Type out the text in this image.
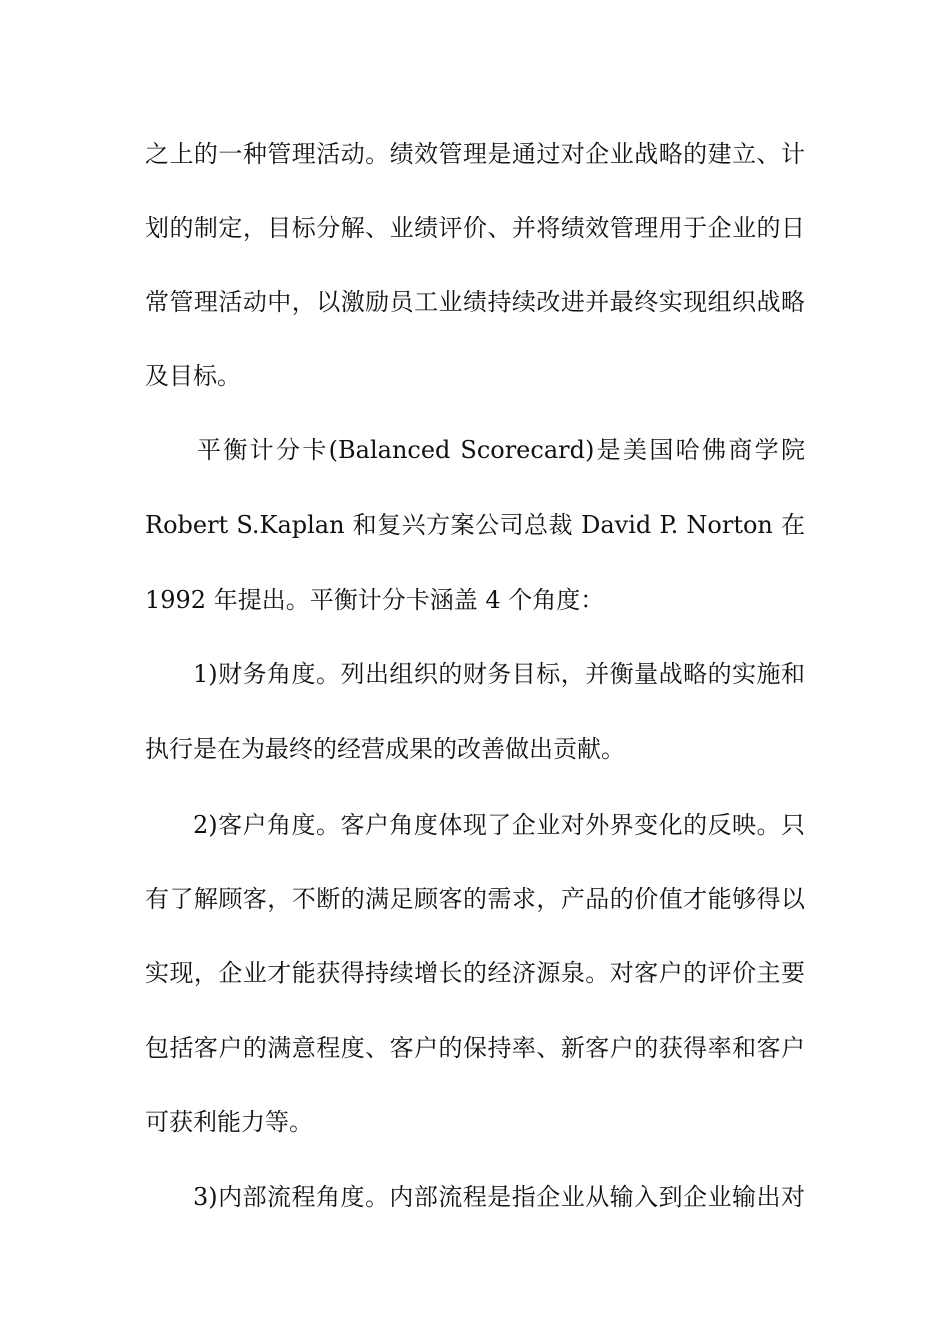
之上的一种管理活动。绩效管理是通过对企业战略的建立、计
划的制定，目标分解、业绩评价、并将绩效管理用于企业的日
常管理活动中，以激励员工业绩持续改进并最终实现组织战略
及目标。
平衡计分卡(Balanced Scorecard)是美国哈佛商学院
Robert S.Kaplan 和复兴方案公司总裁 David P. Norton 在
1992 年提出。平衡计分卡涵盖 4 个角度：
1)财务角度。列出组织的财务目标，并衡量战略的实施和
执行是在为最终的经营成果的改善做出贡献。
2)客户角度。客户角度体现了企业对外界变化的反映。只
有了解顾客，不断的满足顾客的需求，产品的价值才能够得以
实现，企业才能获得持续增长的经济源泉。对客户的评价主要
包括客户的满意程度、客户的保持率、新客户的获得率和客户
可获利能力等。
3)内部流程角度。内部流程是指企业从输入到企业输出对
